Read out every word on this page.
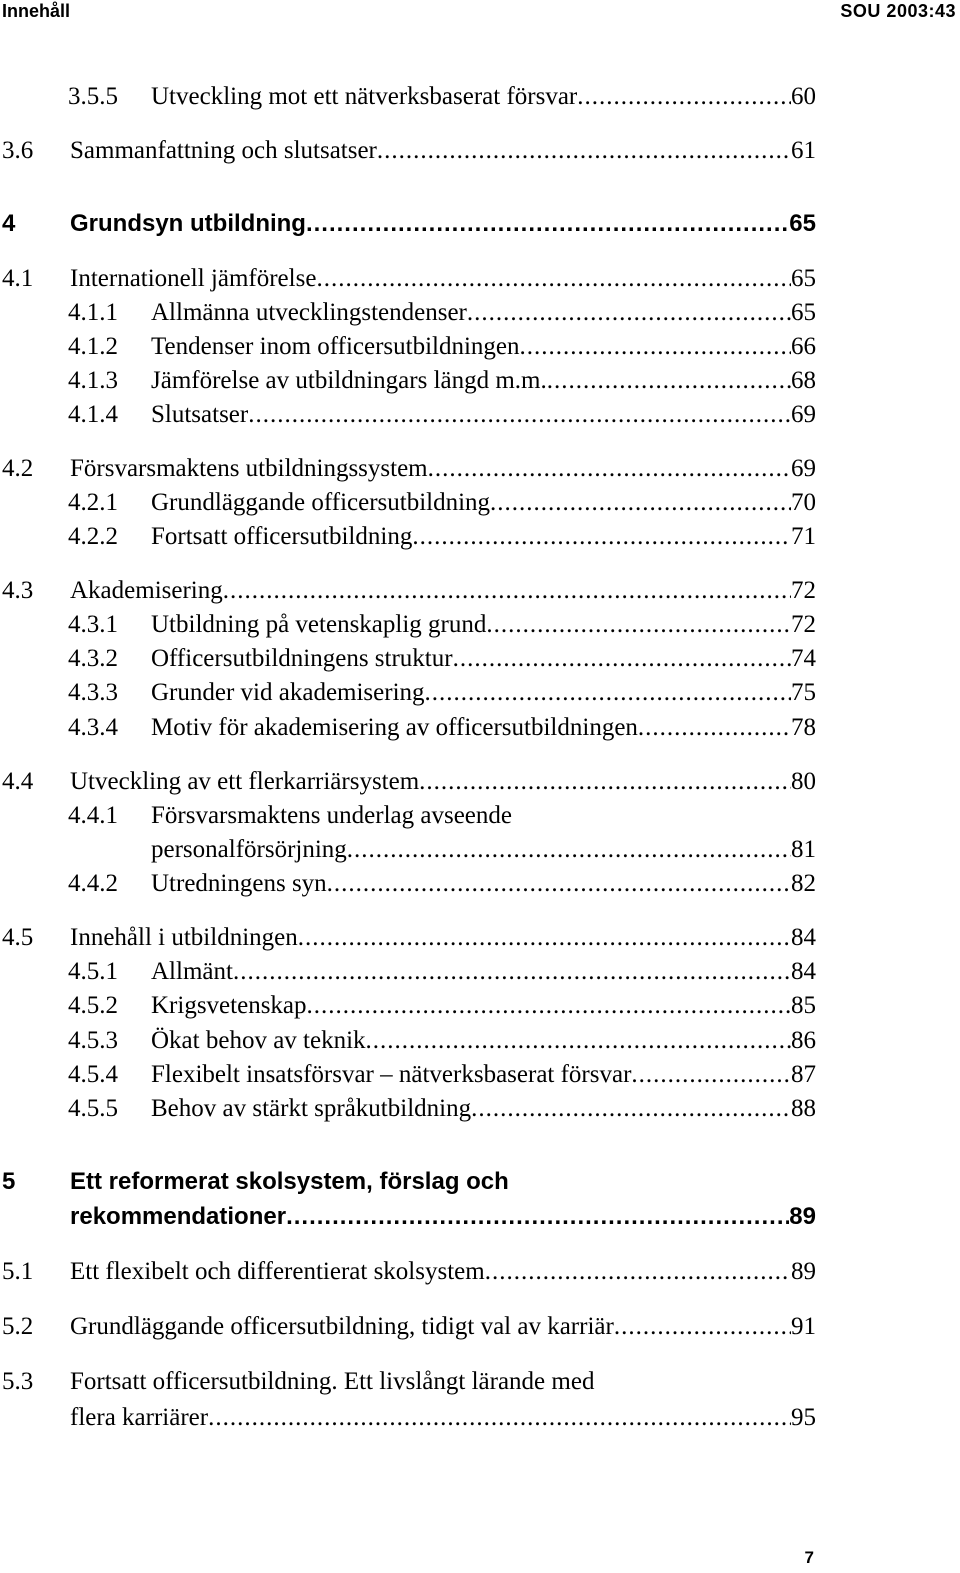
Innehåll	SOU 2003:43
3.5.5 Utveckling mot ett nätverksbaserat försvar .....	60
3.6 Sammanfattning och slutsatser .....	61
4 Grundsyn utbildning .....	65
4.1 Internationell jämförelse .....	65
4.1.1 Allmänna utvecklingstendenser .....	65
4.1.2 Tendenser inom officersutbildningen .....	66
4.1.3 Jämförelse av utbildningars längd m.m. .....	68
4.1.4 Slutsatser .....	69
4.2 Försvarsmaktens utbildningssystem .....	69
4.2.1 Grundläggande officersutbildning .....	70
4.2.2 Fortsatt officersutbildning .....	71
4.3 Akademisering .....	72
4.3.1 Utbildning på vetenskaplig grund .....	72
4.3.2 Officersutbildningens struktur .....	74
4.3.3 Grunder vid akademisering .....	75
4.3.4 Motiv för akademisering av officersutbildningen .....	78
4.4 Utveckling av ett flerkarriärsystem .....	80
4.4.1 Försvarsmaktens underlag avseende
personalförsörjning .....	81
4.4.2 Utredningens syn .....	82
4.5 Innehåll i utbildningen .....	84
4.5.1 Allmänt .....	84
4.5.2 Krigsvetenskap .....	85
4.5.3 Ökat behov av teknik .....	86
4.5.4 Flexibelt insatsförsvar – nätverksbaserat försvar .....	87
4.5.5 Behov av stärkt språkutbildning .....	88
5 Ett reformerat skolsystem, förslag och
rekommendationer .....	89
5.1 Ett flexibelt och differentierat skolsystem .....	89
5.2 Grundläggande officersutbildning, tidigt val av karriär .....	91
5.3 Fortsatt officersutbildning. Ett livslångt lärande med
flera karriärer .....	95
7
